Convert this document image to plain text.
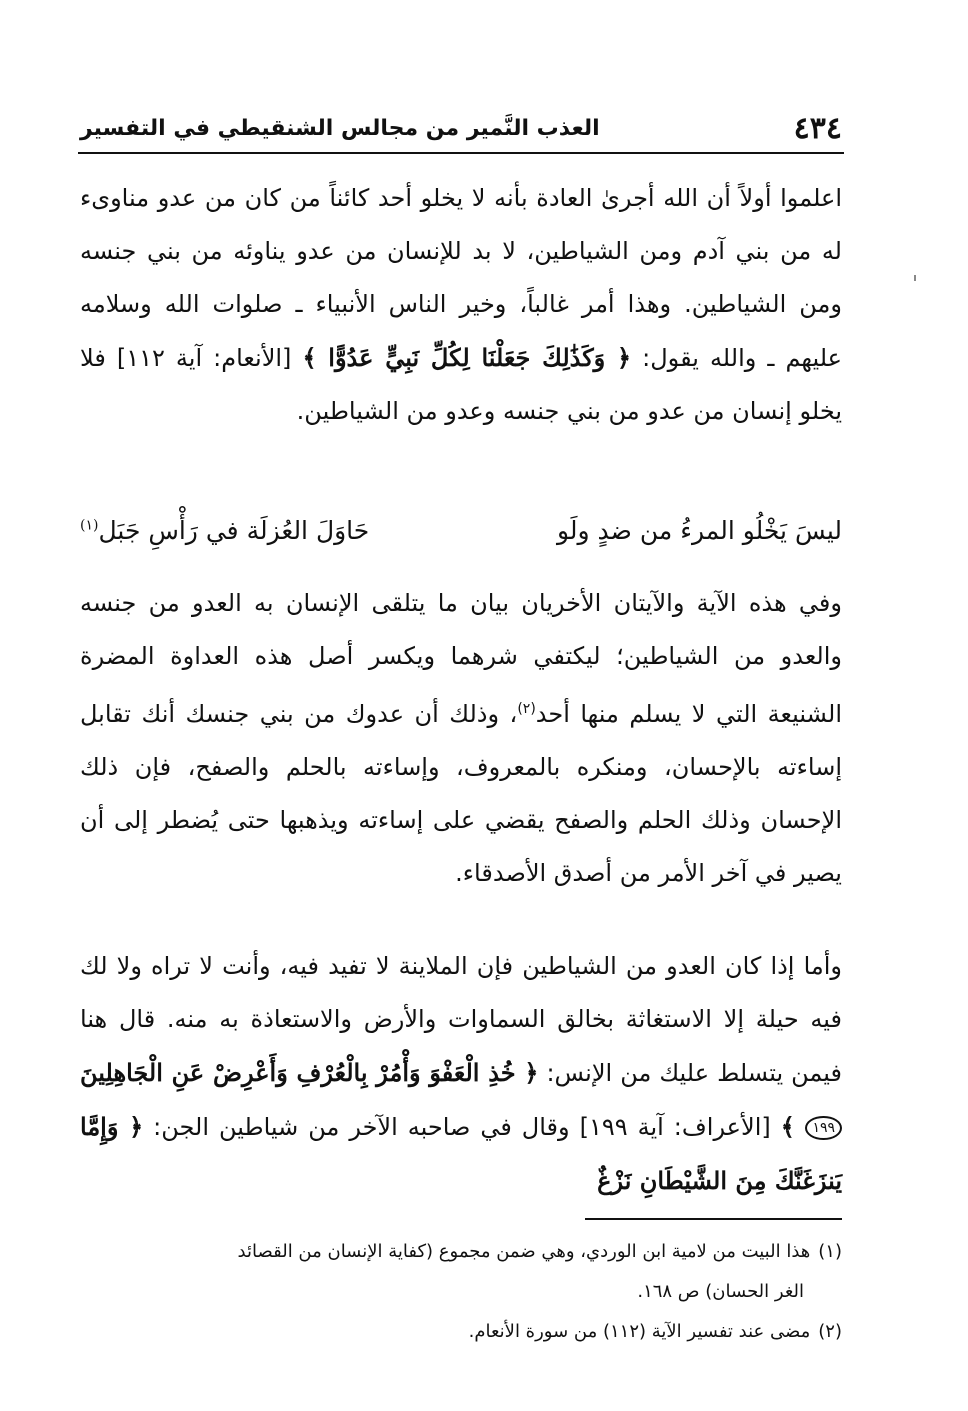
٤٣٤
العذب النَّمير من مجالس الشنقيطي في التفسير
اعلموا أولاً أن الله أجرىٰ العادة بأنه لا يخلو أحد كائناً من كان من عدو مناوىء له من بني آدم ومن الشياطين، لا بد للإنسان من عدو يناوئه من بني جنسه ومن الشياطين. وهذا أمر غالباً، وخير الناس الأنبياء ـ صلوات الله وسلامه عليهم ـ والله يقول: ﴿ وَكَذَٰلِكَ جَعَلْنَا لِكُلِّ نَبِيٍّ عَدُوًّا ﴾ [الأنعام: آية ١١٢] فلا يخلو إنسان من عدو من بني جنسه وعدو من الشياطين.
ليسَ يَخْلُو المرءُ من ضدٍ ولَو
حَاوَلَ العُزلَة في رَأْسِ جَبَل$^{(١)}$
وفي هذه الآية والآيتان الأخريان بيان ما يتلقى الإنسان به العدو من جنسه والعدو من الشياطين؛ ليكتفي شرهما ويكسر أصل هذه العداوة المضرة الشنيعة التي لا يسلم منها أحد$^{(٢)}$، وذلك أن عدوك من بني جنسك أنك تقابل إساءته بالإحسان، ومنكره بالمعروف، وإساءته بالحلم والصفح، فإن ذلك الإحسان وذلك الحلم والصفح يقضي على إساءته ويذهبها حتى يُضطر إلى أن يصير في آخر الأمر من أصدق الأصدقاء.
وأما إذا كان العدو من الشياطين فإن الملاينة لا تفيد فيه، وأنت لا تراه ولا لك فيه حيلة إلا الاستغاثة بخالق السماوات والأرض والاستعاذة به منه. قال هنا فيمن يتسلط عليك من الإنس: ﴿ خُذِ الْعَفْوَ وَأْمُرْ بِالْعُرْفِ وَأَعْرِضْ عَنِ الْجَاهِلِينَ ١٩٩ ﴾ [الأعراف: آية ١٩٩] وقال في صاحبه الآخر من شياطين الجن: ﴿ وَإِمَّا يَنزَغَنَّكَ مِنَ الشَّيْطَانِ نَزْغٌ

(١)هذا البيت من لامية ابن الوردي، وهي ضمن مجموع (كفاية الإنسان من القصائد

الغر الحسان) ص ١٦٨.

(٢)مضى عند تفسير الآية (١١٢) من سورة الأنعام.
